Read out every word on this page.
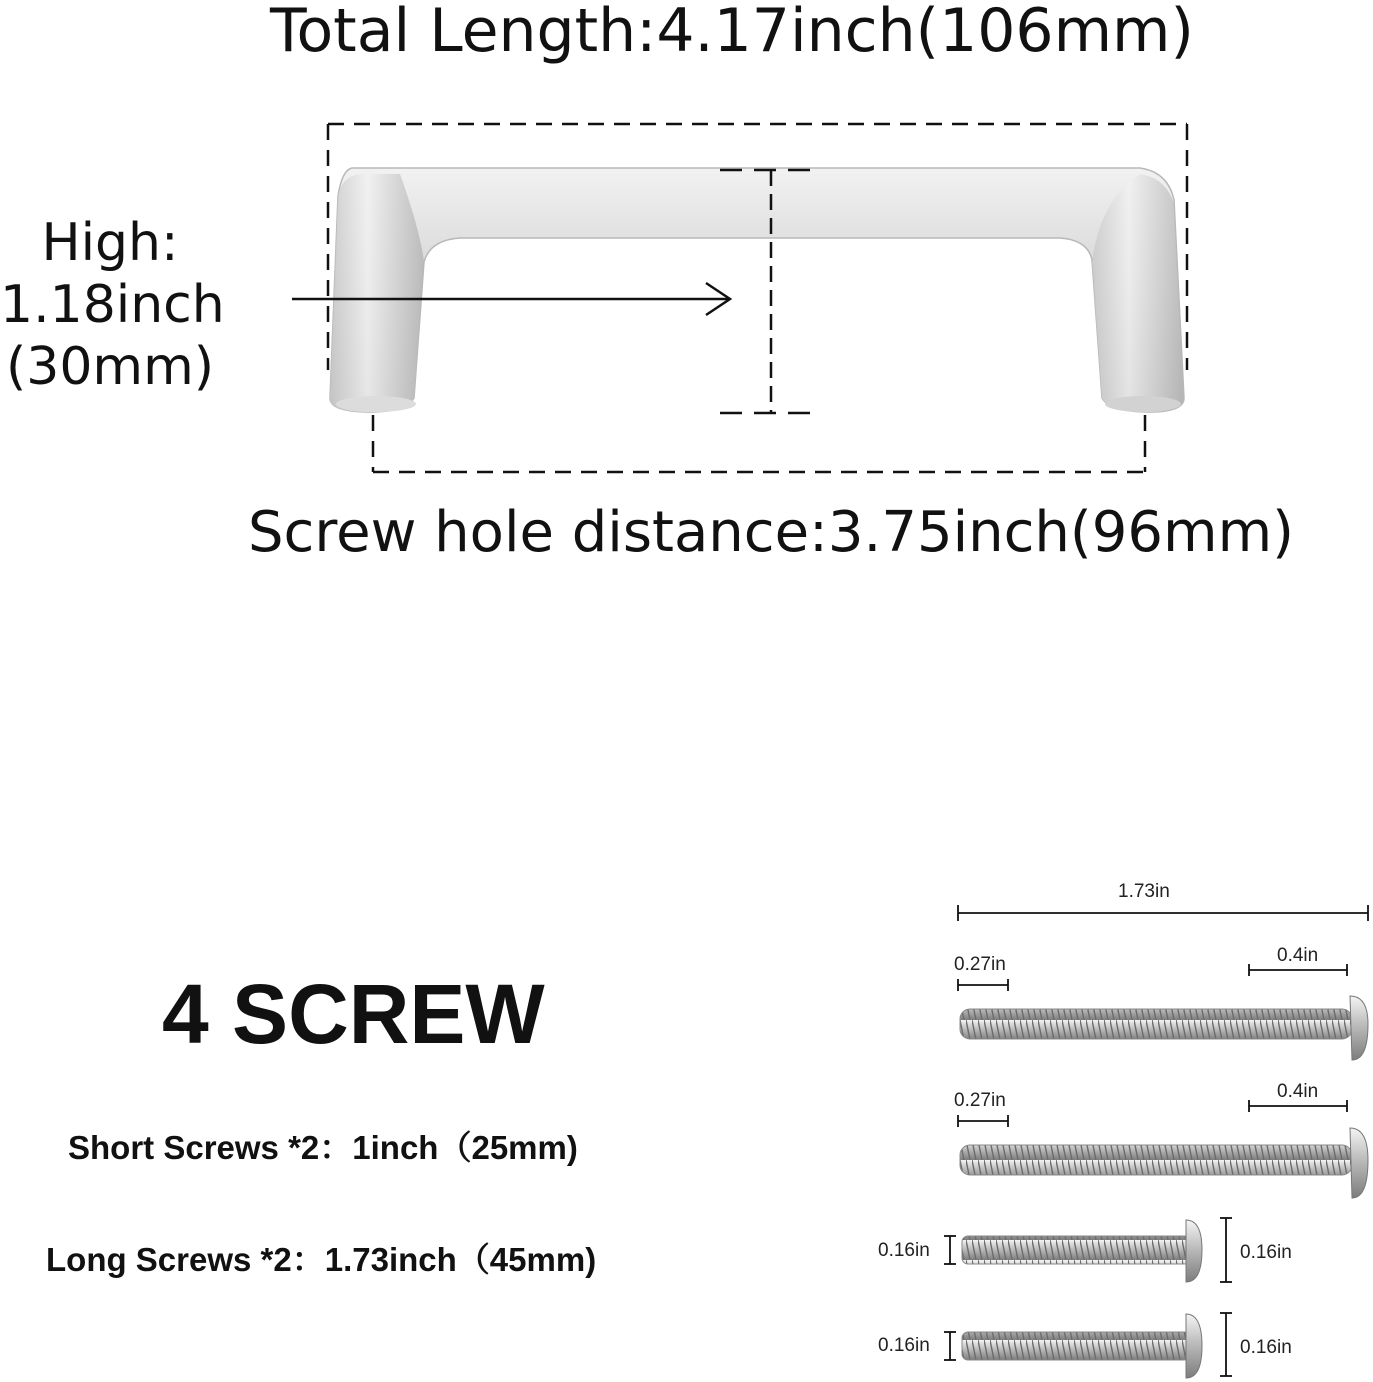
Total Length:4.17inch(106mm)
High:
1.18inch
(30mm)
Screw hole distance:3.75inch(96mm)
4 SCREW
Short Screws *2：1inch（25mm)
Long Screws *2：1.73inch（45mm)
1.73in
0.27in	0.4in
0.27in	0.4in
0.16in	0.16in
0.16in	0.16in
